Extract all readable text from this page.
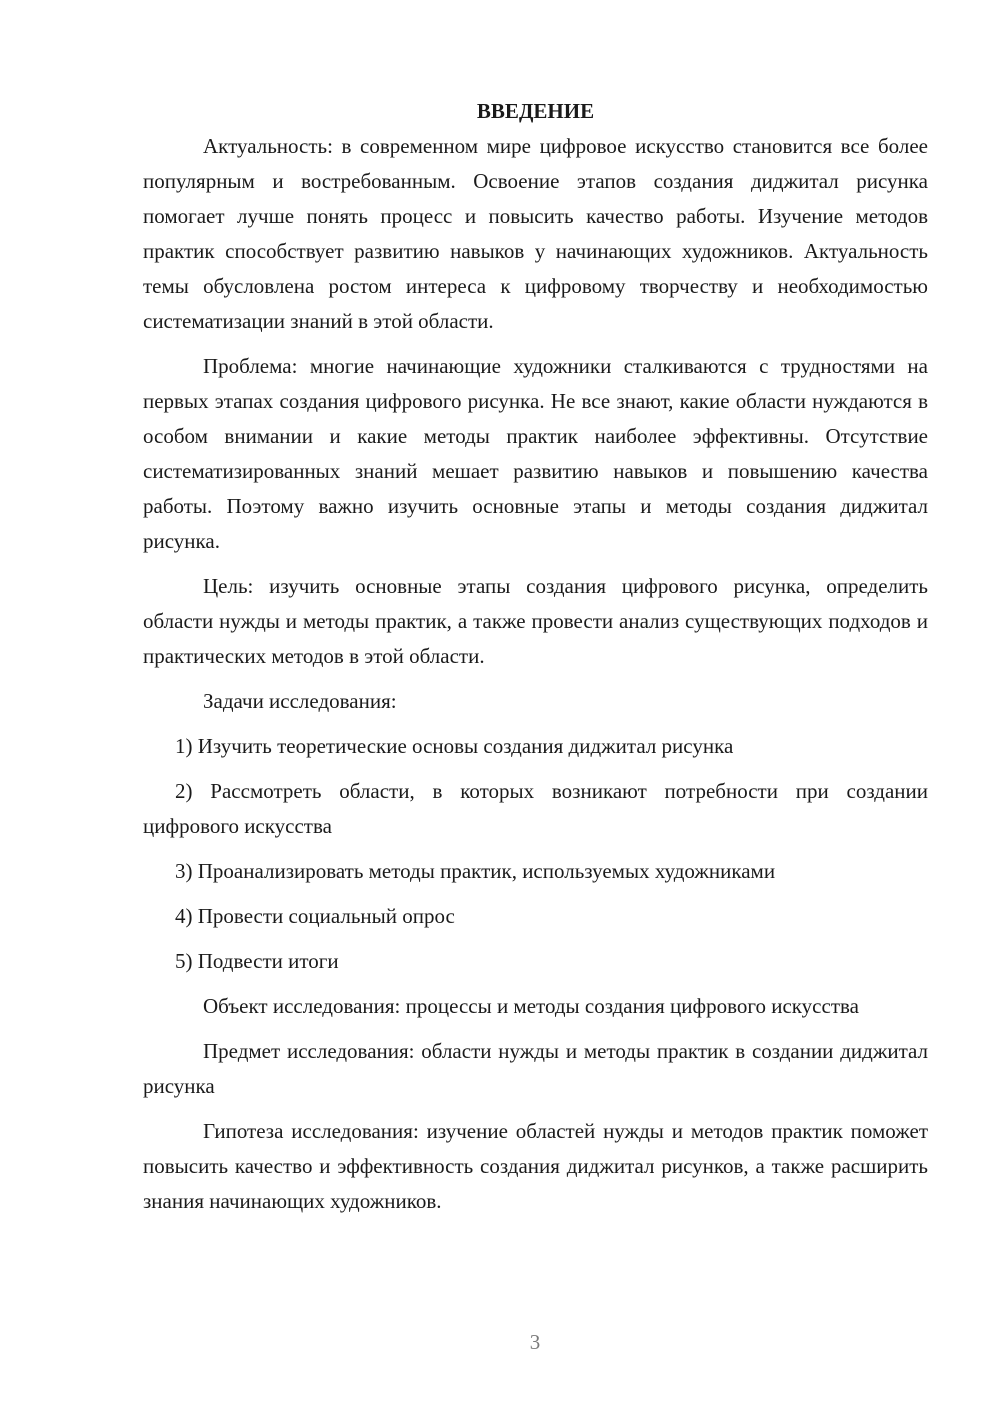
ВВЕДЕНИЕ

Актуальность: в современном мире цифровое искусство становится все более популярным и востребованным. Освоение этапов создания диджитал рисунка помогает лучше понять процесс и повысить качество работы. Изучение методов практик способствует развитию навыков у начинающих художников. Актуальность темы обусловлена ростом интереса к цифровому творчеству и необходимостью систематизации знаний в этой области.

Проблема: многие начинающие художники сталкиваются с трудностями на первых этапах создания цифрового рисунка. Не все знают, какие области нуждаются в особом внимании и какие методы практик наиболее эффективны. Отсутствие систематизированных знаний мешает развитию навыков и повышению качества работы. Поэтому важно изучить основные этапы и методы создания диджитал рисунка.

Цель: изучить основные этапы создания цифрового рисунка, определить области нужды и методы практик, а также провести анализ существующих подходов и практических методов в этой области.

Задачи исследования:

1) Изучить теоретические основы создания диджитал рисунка

2) Рассмотреть области, в которых возникают потребности при создании цифрового искусства

3) Проанализировать методы практик, используемых художниками

4) Провести социальный опрос

5) Подвести итоги

Объект исследования: процессы и методы создания цифрового искусства

Предмет исследования: области нужды и методы практик в создании диджитал рисунка

Гипотеза исследования: изучение областей нужды и методов практик поможет повысить качество и эффективность создания диджитал рисунков, а также расширить знания начинающих художников.

3
